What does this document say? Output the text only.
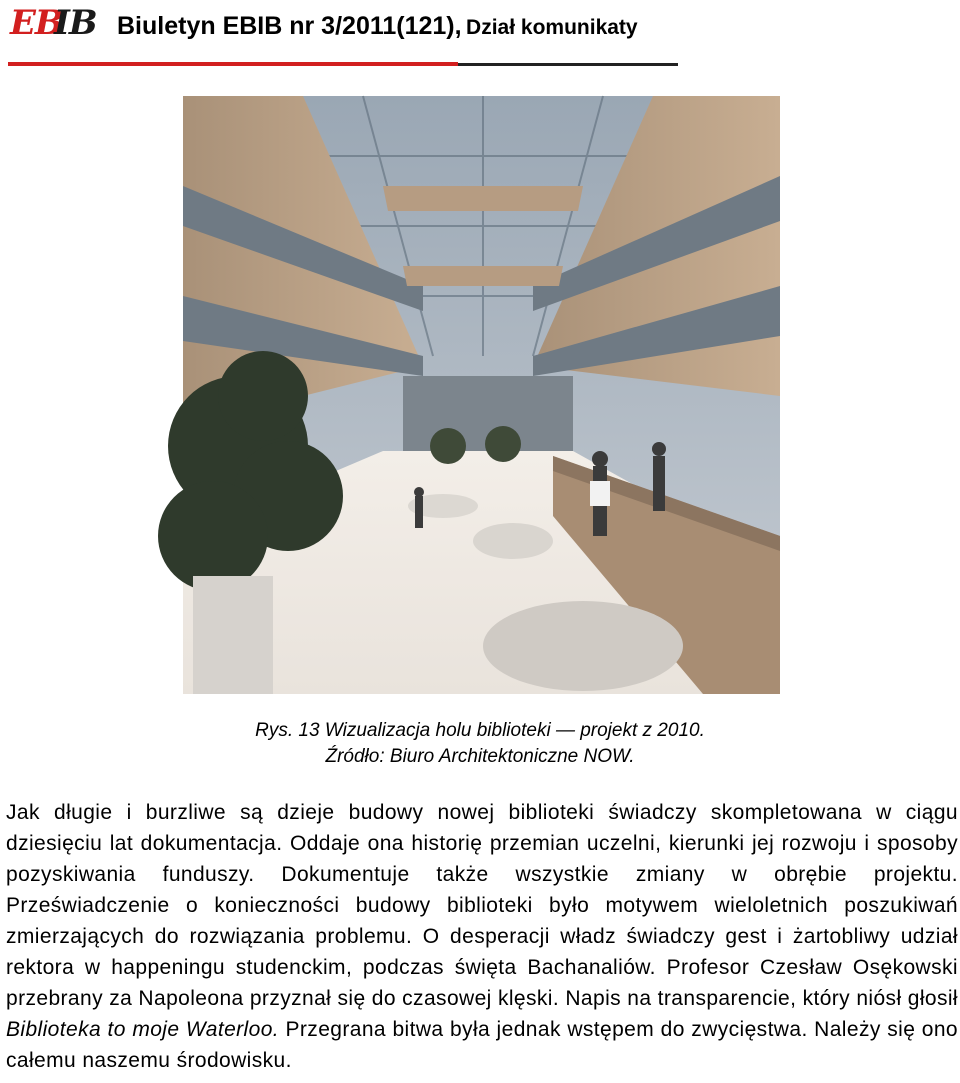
EB
IB Biuletyn EBIB nr 3/2011(121), Dział komunikaty
Rys. 13 Wizualizacja holu biblioteki — projekt z 2010.
Źródło: Biuro Architektoniczne NOW.

Jak długie i burzliwe są dzieje budowy nowej biblioteki świadczy skompletowana w ciągu dziesięciu lat dokumentacja. Oddaje ona historię przemian uczelni, kierunki jej rozwoju i sposoby pozyskiwania funduszy. Dokumentuje także wszystkie zmiany w obrębie projektu. Przeświadczenie o konieczności budowy biblioteki było motywem wieloletnich poszukiwań zmierzających do rozwiązania problemu. O desperacji władz świadczy gest i żartobliwy udział rektora w happeningu studenckim, podczas święta Bachanaliów. Profesor Czesław Osękowski przebrany za Napoleona przyznał się do czasowej klęski. Napis na transparencie, który niósł głosił Biblioteka to moje Waterloo. Przegrana bitwa była jednak wstępem do zwycięstwa. Należy się ono całemu naszemu środowisku.
